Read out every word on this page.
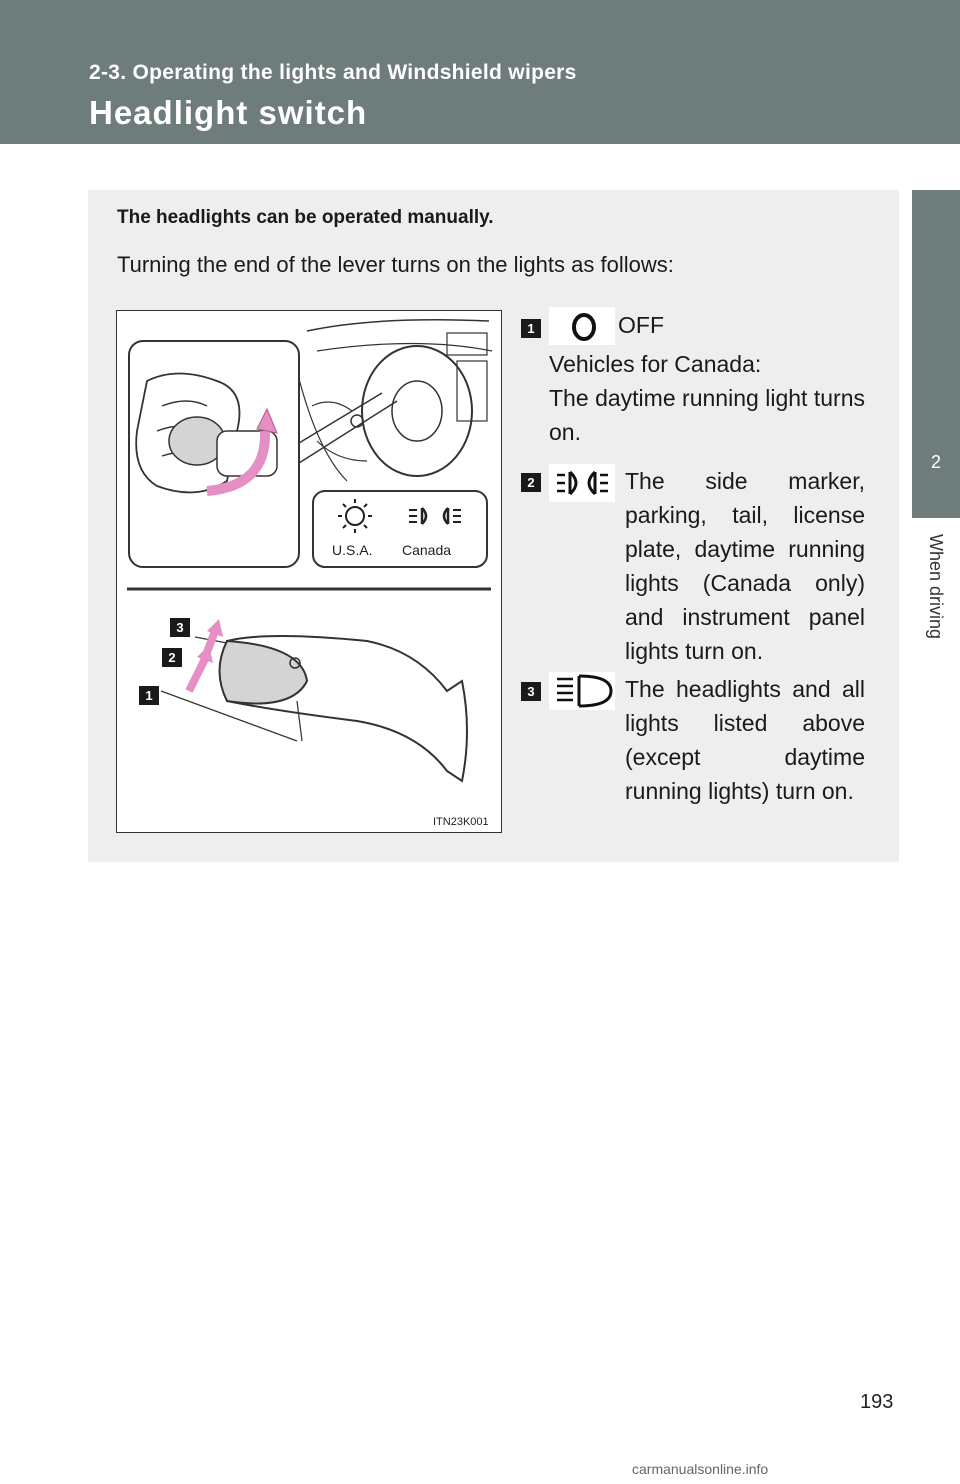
2-3. Operating the lights and Windshield wipers
Headlight switch
2
When driving
The headlights can be operated manually.
Turning the end of the lever turns on the lights as follows:
3
2
1
U.S.A. Canada
ITN23K001
1	OFF
Vehicles for Canada:
The daytime running light turns on.
2	The side marker, parking, tail, license plate, daytime running lights (Canada only) and instrument panel lights turn on.
3	The headlights and all lights listed above (except daytime running lights) turn on.
193
carmanualsonline.info
